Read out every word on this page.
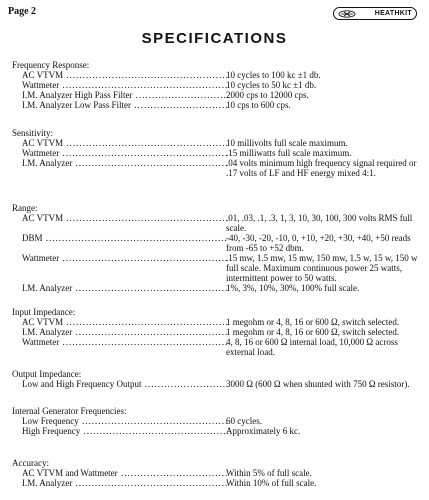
Page 2	HEATHKIT
SPECIFICATIONS
Frequency Response:
AC VTVM .....	10 cycles to 100 kc ±1 db.
Wattmeter .....	10 cycles to 50 kc ±1 db.
I.M. Analyzer High Pass Filter .....	2000 cps to 12000 cps.
I.M. Analyzer Low Pass Filter .....	10 cps to 600 cps.
Sensitivity:
AC VTVM .....	10 millivolts full scale maximum.
Wattmeter .....	.15 milliwatts full scale maximum.
I.M. Analyzer .....	.04 volts minimum high frequency signal required or .17 volts of LF and HF energy mixed 4:1.
Range:
AC VTVM .....	.01, .03, .1, .3, 1, 3, 10, 30, 100, 300 volts RMS full scale.
DBM .....	-40, -30, -20, -10, 0, +10, +20, +30, +40, +50 reads from -65 to +52 dbm.
Wattmeter .....	.15 mw, 1.5 mw, 15 mw, 150 mw, 1.5 w, 15 w, 150 w full scale. Maximum continuous power 25 watts, intermittent power to 50 watts.
I.M. Analyzer .....	1%, 3%, 10%, 30%, 100% full scale.
Input Impedance:
AC VTVM .....	1 megohm or 4, 8, 16 or 600 Ω, switch selected.
I.M. Analyzer .....	1 megohm or 4, 8, 16 or 600 Ω, switch selected.
Wattmeter .....	4, 8, 16 or 600 Ω internal load, 10,000 Ω across external load.
Output Impedance:
Low and High Frequency Output .....	3000 Ω (600 Ω when shunted with 750 Ω resistor).
Internal Generator Frequencies:
Low Frequency .....	60 cycles.
High Frequency .....	Approximately 6 kc.
Accuracy:
AC VTVM and Wattmeter .....	Within 5% of full scale.
I.M. Analyzer .....	Within 10% of full scale.
